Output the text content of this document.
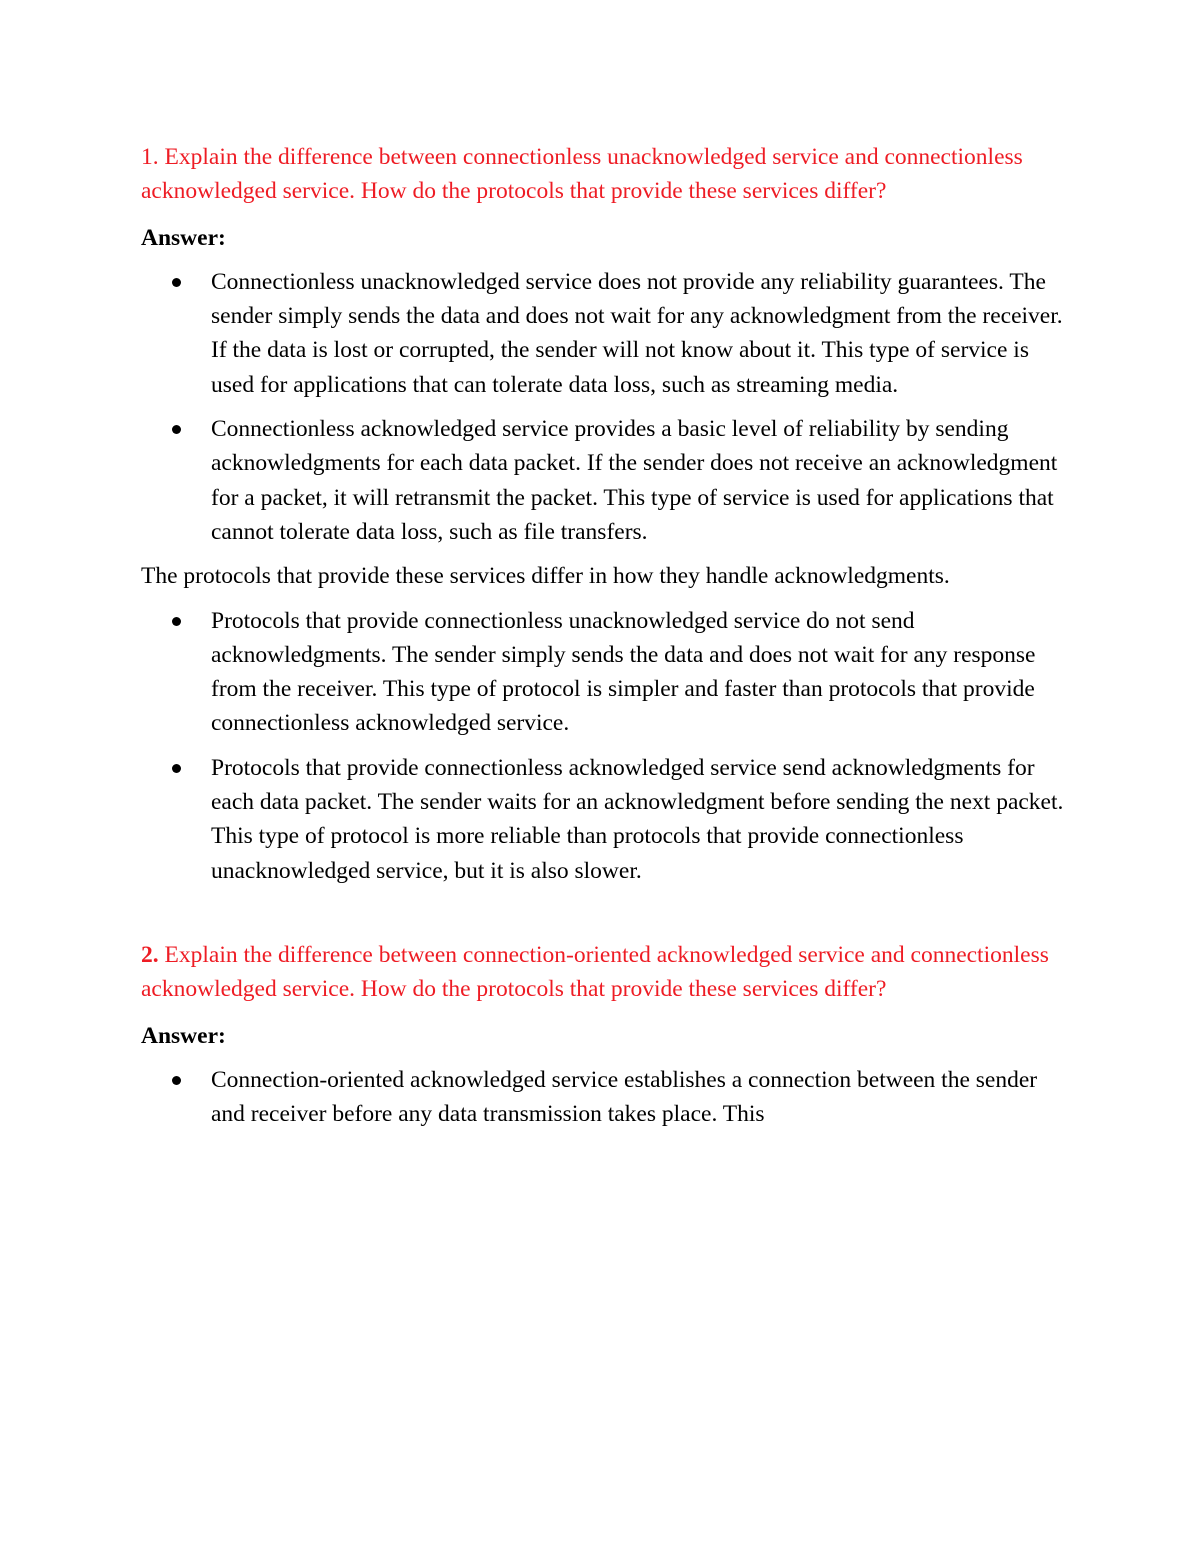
1. Explain the difference between connectionless unacknowledged service and connectionless acknowledged service. How do the protocols that provide these services differ?
Answer:
Connectionless unacknowledged service does not provide any reliability guarantees. The sender simply sends the data and does not wait for any acknowledgment from the receiver. If the data is lost or corrupted, the sender will not know about it. This type of service is used for applications that can tolerate data loss, such as streaming media.
Connectionless acknowledged service provides a basic level of reliability by sending acknowledgments for each data packet. If the sender does not receive an acknowledgment for a packet, it will retransmit the packet. This type of service is used for applications that cannot tolerate data loss, such as file transfers.

The protocols that provide these services differ in how they handle acknowledgments.

Protocols that provide connectionless unacknowledged service do not send acknowledgments. The sender simply sends the data and does not wait for any response from the receiver. This type of protocol is simpler and faster than protocols that provide connectionless acknowledged service.
Protocols that provide connectionless acknowledged service send acknowledgments for each data packet. The sender waits for an acknowledgment before sending the next packet. This type of protocol is more reliable than protocols that provide connectionless unacknowledged service, but it is also slower.
2. Explain the difference between connection-oriented acknowledged service and connectionless acknowledged service. How do the protocols that provide these services differ?
Answer:
Connection-oriented acknowledged service establishes a connection between the sender and receiver before any data transmission takes place. This
